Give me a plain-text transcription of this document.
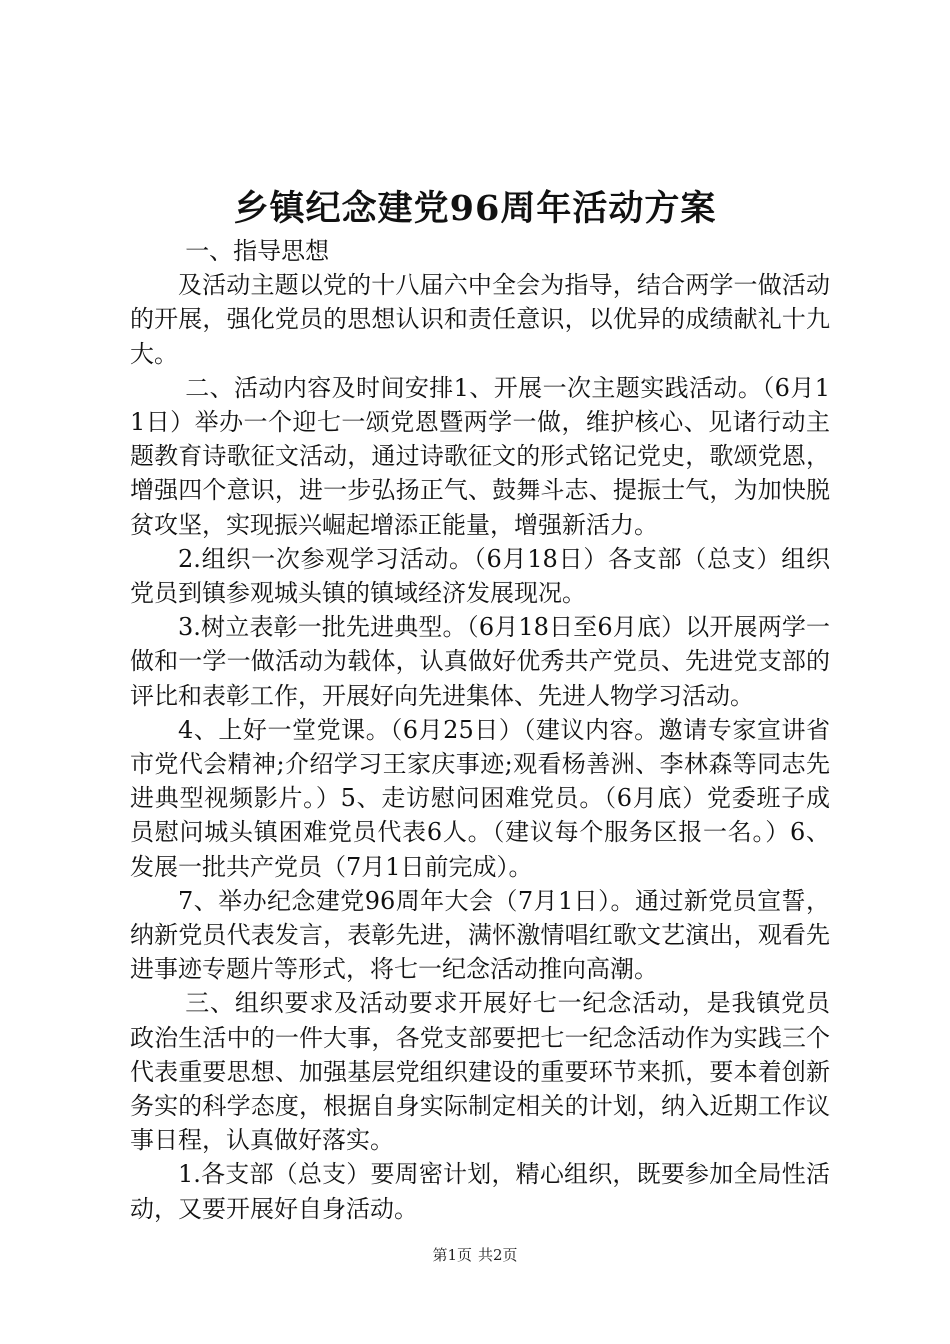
乡镇纪念建党96周年活动方案

一、指导思想

及活动主题以党的十八届六中全会为指导，结合两学一做活动的开展，强化党员的思想认识和责任意识，以优异的成绩献礼十九大。

二、活动内容及时间安排1、开展一次主题实践活动。（6月11日）举办一个迎七一颂党恩暨两学一做，维护核心、见诸行动主题教育诗歌征文活动，通过诗歌征文的形式铭记党史，歌颂党恩，增强四个意识，进一步弘扬正气、鼓舞斗志、提振士气，为加快脱贫攻坚，实现振兴崛起增添正能量，增强新活力。

2.组织一次参观学习活动。（6月18日）各支部（总支）组织党员到镇参观城头镇的镇域经济发展现况。

3.树立表彰一批先进典型。（6月18日至6月底）以开展两学一做和一学一做活动为载体，认真做好优秀共产党员、先进党支部的评比和表彰工作，开展好向先进集体、先进人物学习活动。

4、上好一堂党课。（6月25日）（建议内容。邀请专家宣讲省市党代会精神;介绍学习王家庆事迹;观看杨善洲、李林森等同志先进典型视频影片。）5、走访慰问困难党员。（6月底）党委班子成员慰问城头镇困难党员代表6人。（建议每个服务区报一名。）6、发展一批共产党员（7月1日前完成）。

7、举办纪念建党96周年大会（7月1日）。通过新党员宣誓，纳新党员代表发言，表彰先进，满怀激情唱红歌文艺演出，观看先进事迹专题片等形式，将七一纪念活动推向高潮。

三、组织要求及活动要求开展好七一纪念活动，是我镇党员政治生活中的一件大事，各党支部要把七一纪念活动作为实践三个代表重要思想、加强基层党组织建设的重要环节来抓，要本着创新务实的科学态度，根据自身实际制定相关的计划，纳入近期工作议事日程，认真做好落实。

1.各支部（总支）要周密计划，精心组织，既要参加全局性活动，又要开展好自身活动。

第1页 共2页
